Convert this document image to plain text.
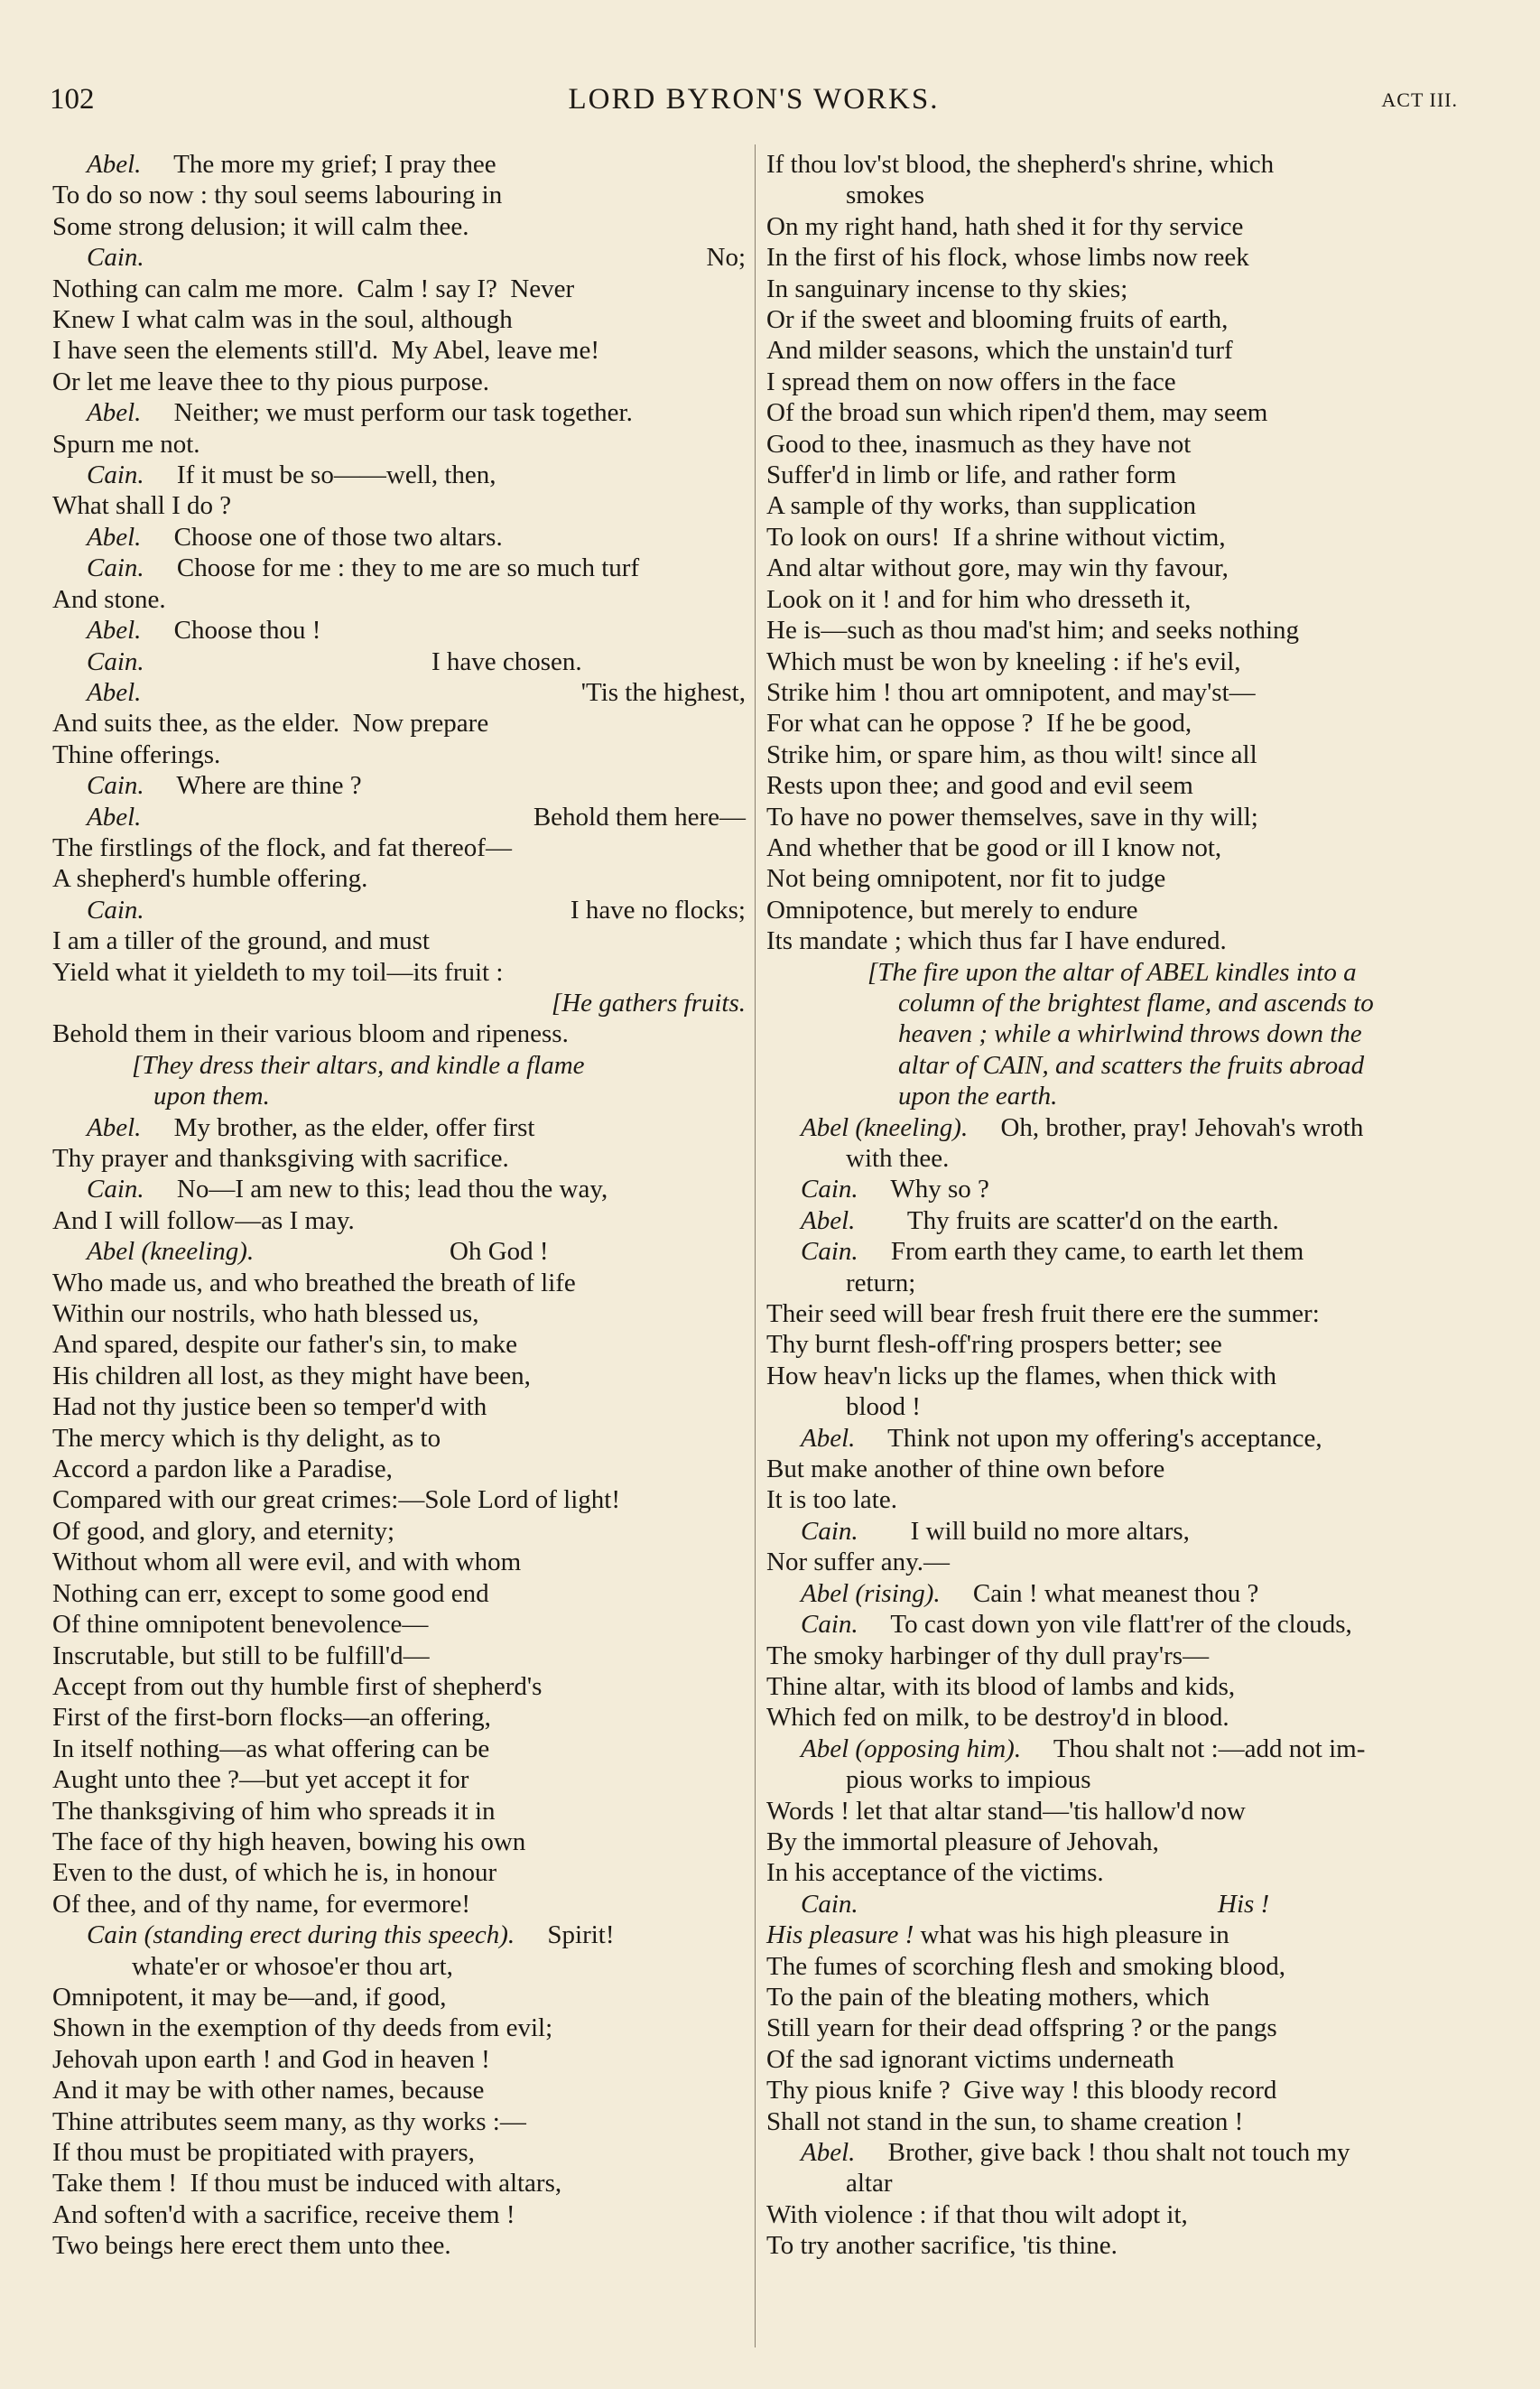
102	LORD BYRON'S WORKS.	ACT III.
Abel. The more my grief; I pray thee
To do so now : thy soul seems labouring in
Some strong delusion; it will calm thee.
Cain.	No;
Nothing can calm me more.  Calm ! say I?  Never
Knew I what calm was in the soul, although
I have seen the elements still'd.  My Abel, leave me!
Or let me leave thee to thy pious purpose.
Abel. Neither; we must perform our task together.
Spurn me not.
Cain. If it must be so——well, then,
What shall I do ?
Abel. Choose one of those two altars.
Cain. Choose for me : they to me are so much turf
And stone.
Abel. Choose thou !
Cain.	I have chosen.
Abel.	'Tis the highest,
And suits thee, as the elder.  Now prepare
Thine offerings.
Cain. Where are thine ?
Abel.	Behold them here—
The firstlings of the flock, and fat thereof—
A shepherd's humble offering.
Cain.	I have no flocks;
I am a tiller of the ground, and must
Yield what it yieldeth to my toil—its fruit :
[He gathers fruits.
Behold them in their various bloom and ripeness.
[They dress their altars, and kindle a flame
upon them.
Abel. My brother, as the elder, offer first
Thy prayer and thanksgiving with sacrifice.
Cain. No—I am new to this; lead thou the way,
And I will follow—as I may.
Abel (kneeling).	Oh God !
Who made us, and who breathed the breath of life
Within our nostrils, who hath blessed us,
And spared, despite our father's sin, to make
His children all lost, as they might have been,
Had not thy justice been so temper'd with
The mercy which is thy delight, as to
Accord a pardon like a Paradise,
Compared with our great crimes:—Sole Lord of light!
Of good, and glory, and eternity;
Without whom all were evil, and with whom
Nothing can err, except to some good end
Of thine omnipotent benevolence—
Inscrutable, but still to be fulfill'd—
Accept from out thy humble first of shepherd's
First of the first-born flocks—an offering,
In itself nothing—as what offering can be
Aught unto thee ?—but yet accept it for
The thanksgiving of him who spreads it in
The face of thy high heaven, bowing his own
Even to the dust, of which he is, in honour
Of thee, and of thy name, for evermore!
Cain (standing erect during this speech). Spirit!
whate'er or whosoe'er thou art,
Omnipotent, it may be—and, if good,
Shown in the exemption of thy deeds from evil;
Jehovah upon earth ! and God in heaven !
And it may be with other names, because
Thine attributes seem many, as thy works :—
If thou must be propitiated with prayers,
Take them !  If thou must be induced with altars,
And soften'd with a sacrifice, receive them !
Two beings here erect them unto thee.
If thou lov'st blood, the shepherd's shrine, which
smokes
On my right hand, hath shed it for thy service
In the first of his flock, whose limbs now reek
In sanguinary incense to thy skies;
Or if the sweet and blooming fruits of earth,
And milder seasons, which the unstain'd turf
I spread them on now offers in the face
Of the broad sun which ripen'd them, may seem
Good to thee, inasmuch as they have not
Suffer'd in limb or life, and rather form
A sample of thy works, than supplication
To look on ours!  If a shrine without victim,
And altar without gore, may win thy favour,
Look on it ! and for him who dresseth it,
He is—such as thou mad'st him; and seeks nothing
Which must be won by kneeling : if he's evil,
Strike him ! thou art omnipotent, and may'st—
For what can he oppose ?  If he be good,
Strike him, or spare him, as thou wilt! since all
Rests upon thee; and good and evil seem
To have no power themselves, save in thy will;
And whether that be good or ill I know not,
Not being omnipotent, nor fit to judge
Omnipotence, but merely to endure
Its mandate ; which thus far I have endured.
[The fire upon the altar of ABEL kindles into a
column of the brightest flame, and ascends to
heaven ; while a whirlwind throws down the
altar of CAIN, and scatters the fruits abroad
upon the earth.
Abel (kneeling). Oh, brother, pray! Jehovah's wroth
with thee.
Cain. Why so ?
Abel. Thy fruits are scatter'd on the earth.
Cain. From earth they came, to earth let them
return;
Their seed will bear fresh fruit there ere the summer:
Thy burnt flesh-off'ring prospers better; see
How heav'n licks up the flames, when thick with
blood !
Abel. Think not upon my offering's acceptance,
But make another of thine own before
It is too late.
Cain. I will build no more altars,
Nor suffer any.—
Abel (rising). Cain ! what meanest thou ?
Cain. To cast down yon vile flatt'rer of the clouds,
The smoky harbinger of thy dull pray'rs—
Thine altar, with its blood of lambs and kids,
Which fed on milk, to be destroy'd in blood.
Abel (opposing him). Thou shalt not :—add not im-
pious works to impious
Words ! let that altar stand—'tis hallow'd now
By the immortal pleasure of Jehovah,
In his acceptance of the victims.
Cain.	His !
His pleasure ! what was his high pleasure in
The fumes of scorching flesh and smoking blood,
To the pain of the bleating mothers, which
Still yearn for their dead offspring ? or the pangs
Of the sad ignorant victims underneath
Thy pious knife ?  Give way ! this bloody record
Shall not stand in the sun, to shame creation !
Abel. Brother, give back ! thou shalt not touch my
altar
With violence : if that thou wilt adopt it,
To try another sacrifice, 'tis thine.
